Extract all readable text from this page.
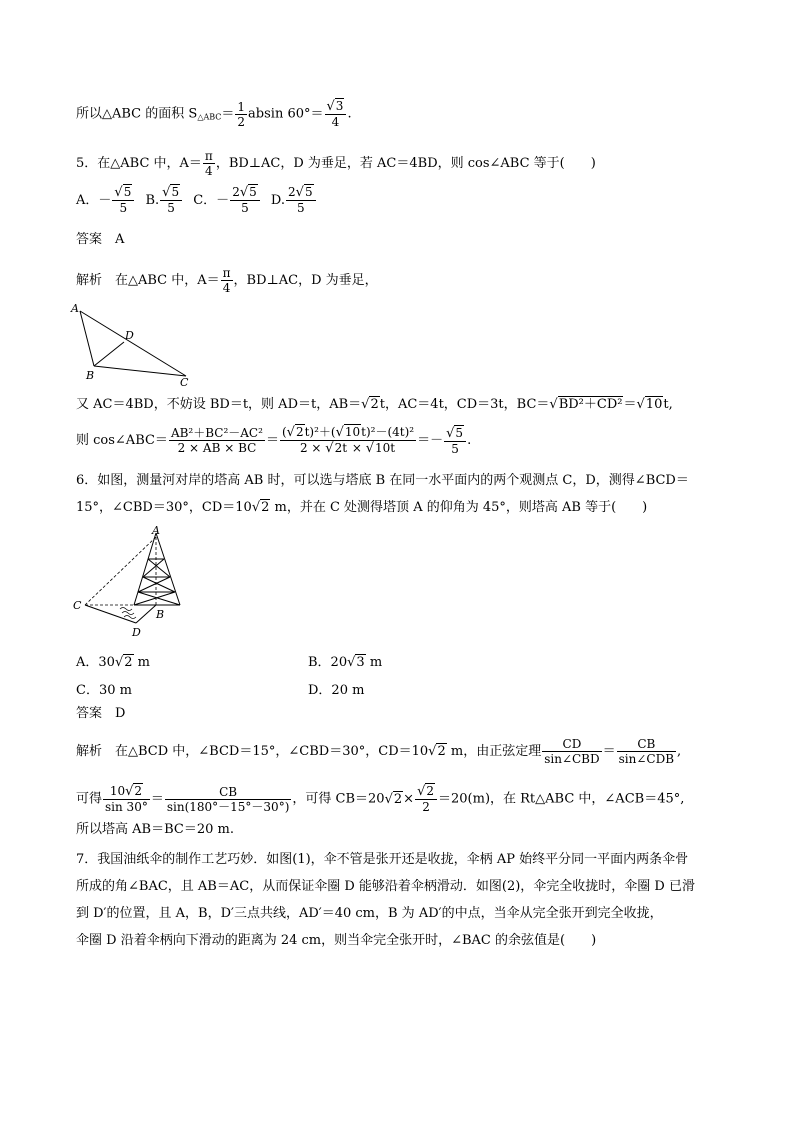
所以△ABC 的面积 $S_{\triangle ABC}= \frac{1}{2}$ absin $60^\circ= \frac{√3}{4}$ .
5．在△ABC 中，$A= \frac{\pi}{4}$ ，BD⊥AC，D 为垂足，若 AC＝4BD，则 cos∠ABC 等于(　　)
A．－ $\frac{√5}{5} B$. $\frac{√5}{5}$ C．－ $\frac{2√5}{5} D$. $\frac{2√5}{5}$
答案　A
解析　在△ABC 中，$A= \frac{\pi}{4}$ ，BD⊥AC，D 为垂足，
A
D
B
C
又 AC＝4BD，不妨设 BD＝t，则 AD＝t，AB＝√2t，AC＝4t，CD＝3t，BC＝√BD²＋CD²＝√10t,
则 cos∠ABC＝ $\frac{\text{AB²＋BC²－AC²}}{2 \times AB \times BC} = \frac{\text{(√2t)²＋(√10t)²－(4t)²}}{2 \times √2t \times √10t} =- \frac{√5}{5}$ .
6．如图，测量河对岸的塔高 AB 时，可以选与塔底 B 在同一水平面内的两个观测点 C，D，测得∠BCD＝
15°，∠CBD＝30°，CD＝10√2 m，并在 C 处测得塔顶 A 的仰角为 45°，则塔高 AB 等于(　　)
A
C
B
D
A．30√2 m	B．20√3 m
C．30 m	D．20 m
答案　D
解析　在△BCD 中，∠BCD＝15°，∠CBD＝30°，CD＝10√2 m，由正弦定理 $\frac{CD}{\text{sin∠CBD}} = \frac{CB}{\text{sin∠CDB}}$ ,
可得 $\frac{10√2}{\sin 30^\circ} = \frac{CB}{\sin(180^\circ-15^\circ-30^\circ)}$ ，可得 $CB=20√2\times \frac{√2}{2} =20(m)$，在 Rt△ABC 中，∠ACB＝45°,
所以塔高 AB＝BC＝20 m.
7．我国油纸伞的制作工艺巧妙．如图(1)，伞不管是张开还是收拢，伞柄 AP 始终平分同一平面内两条伞骨
所成的角∠BAC，且 AB＝AC，从而保证伞圈 D 能够沿着伞柄滑动．如图(2)，伞完全收拢时，伞圈 D 已滑
到 D′的位置，且 A，B，D′三点共线，AD′＝40 cm，B 为 AD′的中点，当伞从完全张开到完全收拢，
伞圈 D 沿着伞柄向下滑动的距离为 24 cm，则当伞完全张开时，∠BAC 的余弦值是(　　)
